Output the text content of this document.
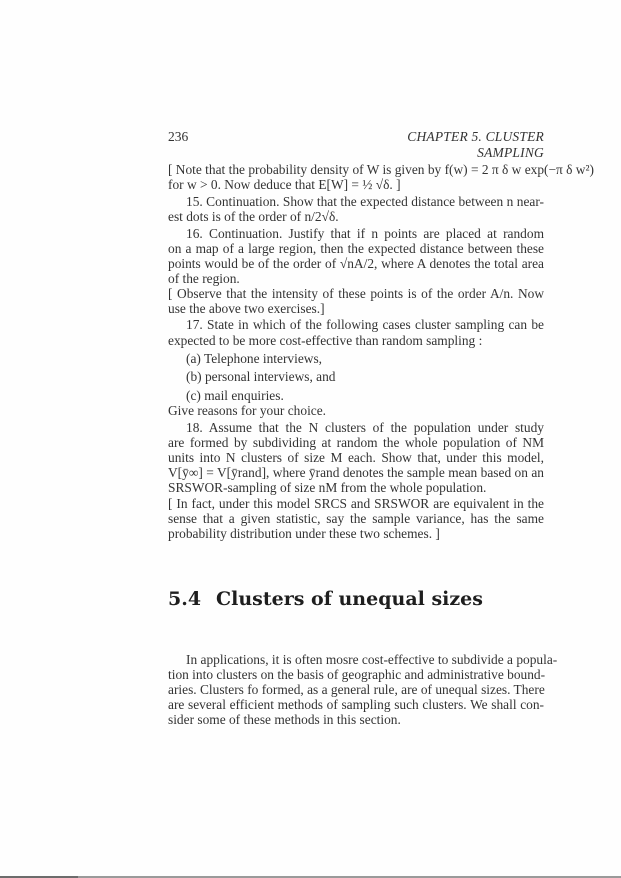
236	CHAPTER 5. CLUSTER SAMPLING
[ Note that the probability density of W is given by f(w) = 2 π δ w exp(−π δ w²)
for w > 0. Now deduce that E[W] = ½ √δ. ]
15. Continuation. Show that the expected distance between n near-
est dots is of the order of n/2√δ.
16. Continuation. Justify that if n points are placed at random
on a map of a large region, then the expected distance between these
points would be of the order of √nA/2, where A denotes the total area
of the region.
[ Observe that the intensity of these points is of the order A/n. Now
use the above two exercises.]
17. State in which of the following cases cluster sampling can be
expected to be more cost-effective than random sampling :
(a) Telephone interviews,
(b) personal interviews, and
(c) mail enquiries.
Give reasons for your choice.
18. Assume that the N clusters of the population under study
are formed by subdividing at random the whole population of NM
units into N clusters of size M each. Show that, under this model,
V[ȳ∞] = V[ȳrand], where ȳrand denotes the sample mean based on an
SRSWOR-sampling of size nM from the whole population.
[ In fact, under this model SRCS and SRSWOR are equivalent in the
sense that a given statistic, say the sample variance, has the same
probability distribution under these two schemes. ]
5.4 Clusters of unequal sizes
In applications, it is often mosre cost-effective to subdivide a popula-
tion into clusters on the basis of geographic and administrative bound-
aries. Clusters fo formed, as a general rule, are of unequal sizes. There
are several efficient methods of sampling such clusters. We shall con-
sider some of these methods in this section.
